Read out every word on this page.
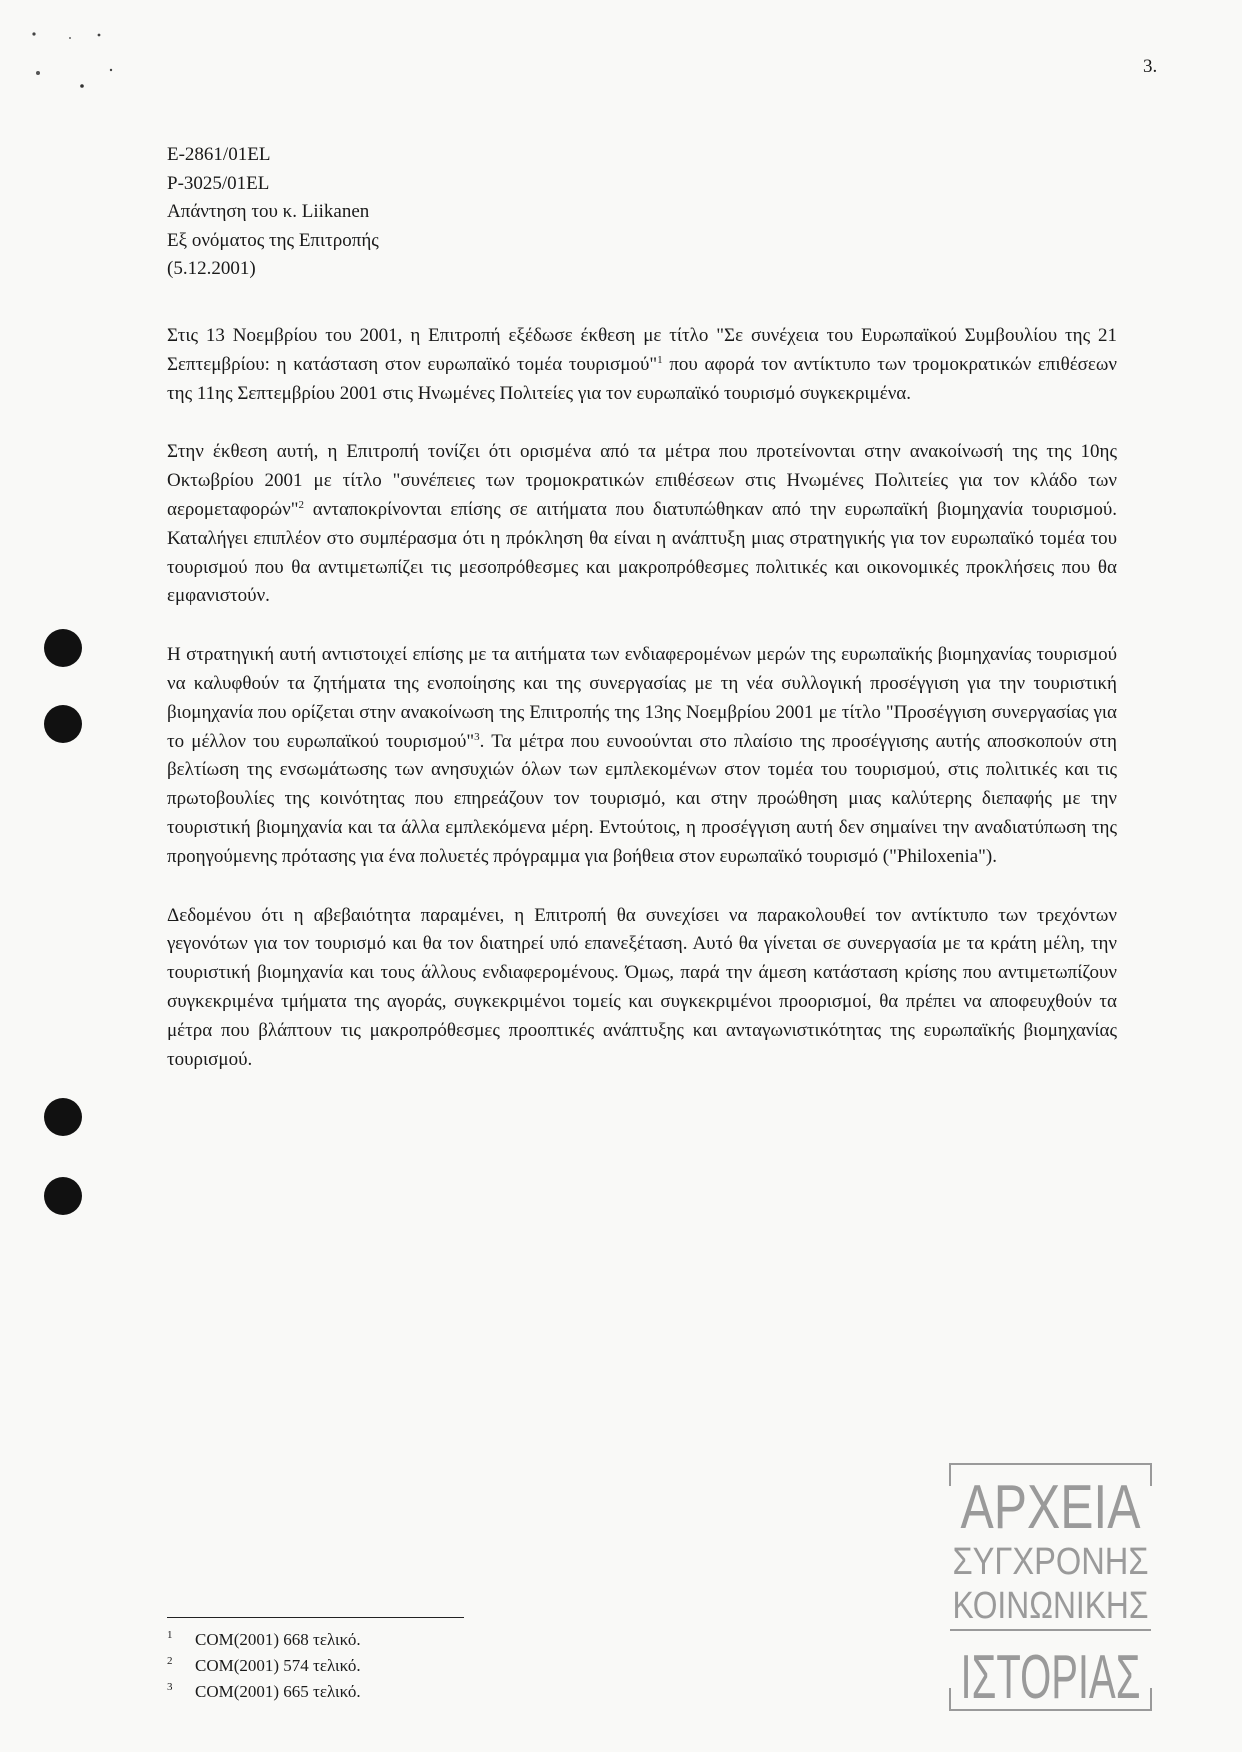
3.
E-2861/01EL
P-3025/01EL
Απάντηση του κ. Liikanen
Εξ ονόματος της Επιτροπής
(5.12.2001)

Στις 13 Νοεμβρίου του 2001, η Επιτροπή εξέδωσε έκθεση με τίτλο "Σε συνέχεια του Ευρωπαϊκού Συμβουλίου της 21 Σεπτεμβρίου: η κατάσταση στον ευρωπαϊκό τομέα τουρισμού"$^1$ που αφορά τον αντίκτυπο των τρομοκρατικών επιθέσεων της 11ης Σεπτεμβρίου 2001 στις Ηνωμένες Πολιτείες για τον ευρωπαϊκό τουρισμό συγκεκριμένα.

Στην έκθεση αυτή, η Επιτροπή τονίζει ότι ορισμένα από τα μέτρα που προτείνονται στην ανακοίνωσή της της 10ης Οκτωβρίου 2001 με τίτλο "συνέπειες των τρομοκρατικών επιθέσεων στις Ηνωμένες Πολιτείες για τον κλάδο των αερομεταφορών"$^2$ ανταποκρίνονται επίσης σε αιτήματα που διατυπώθηκαν από την ευρωπαϊκή βιομηχανία τουρισμού. Καταλήγει επιπλέον στο συμπέρασμα ότι η πρόκληση θα είναι η ανάπτυξη μιας στρατηγικής για τον ευρωπαϊκό τομέα του τουρισμού που θα αντιμετωπίζει τις μεσοπρόθεσμες και μακροπρόθεσμες πολιτικές και οικονομικές προκλήσεις που θα εμφανιστούν.

Η στρατηγική αυτή αντιστοιχεί επίσης με τα αιτήματα των ενδιαφερομένων μερών της ευρωπαϊκής βιομηχανίας τουρισμού να καλυφθούν τα ζητήματα της ενοποίησης και της συνεργασίας με τη νέα συλλογική προσέγγιση για την τουριστική βιομηχανία που ορίζεται στην ανακοίνωση της Επιτροπής της 13ης Νοεμβρίου 2001 με τίτλο "Προσέγγιση συνεργασίας για το μέλλον του ευρωπαϊκού τουρισμού"$^3$. Τα μέτρα που ευνοούνται στο πλαίσιο της προσέγγισης αυτής αποσκοπούν στη βελτίωση της ενσωμάτωσης των ανησυχιών όλων των εμπλεκομένων στον τομέα του τουρισμού, στις πολιτικές και τις πρωτοβουλίες της κοινότητας που επηρεάζουν τον τουρισμό, και στην προώθηση μιας καλύτερης διεπαφής με την τουριστική βιομηχανία και τα άλλα εμπλεκόμενα μέρη. Εντούτοις, η προσέγγιση αυτή δεν σημαίνει την αναδιατύπωση της προηγούμενης πρότασης για ένα πολυετές πρόγραμμα για βοήθεια στον ευρωπαϊκό τουρισμό ("Philoxenia").

Δεδομένου ότι η αβεβαιότητα παραμένει, η Επιτροπή θα συνεχίσει να παρακολουθεί τον αντίκτυπο των τρεχόντων γεγονότων για τον τουρισμό και θα τον διατηρεί υπό επανεξέταση. Αυτό θα γίνεται σε συνεργασία με τα κράτη μέλη, την τουριστική βιομηχανία και τους άλλους ενδιαφερομένους. Όμως, παρά την άμεση κατάσταση κρίσης που αντιμετωπίζουν συγκεκριμένα τμήματα της αγοράς, συγκεκριμένοι τομείς και συγκεκριμένοι προορισμοί, θα πρέπει να αποφευχθούν τα μέτρα που βλάπτουν τις μακροπρόθεσμες προοπτικές ανάπτυξης και ανταγωνιστικότητας της ευρωπαϊκής βιομηχανίας τουρισμού.

1 COM(2001) 668 τελικό.
2 COM(2001) 574 τελικό.
3 COM(2001) 665 τελικό.
ΑΡΧΕΙΑ
ΣΥΓΧΡΟΝΗΣ
ΚΟΙΝΩΝΙΚΗΣ
ΙΣΤΟΡΙΑΣ
